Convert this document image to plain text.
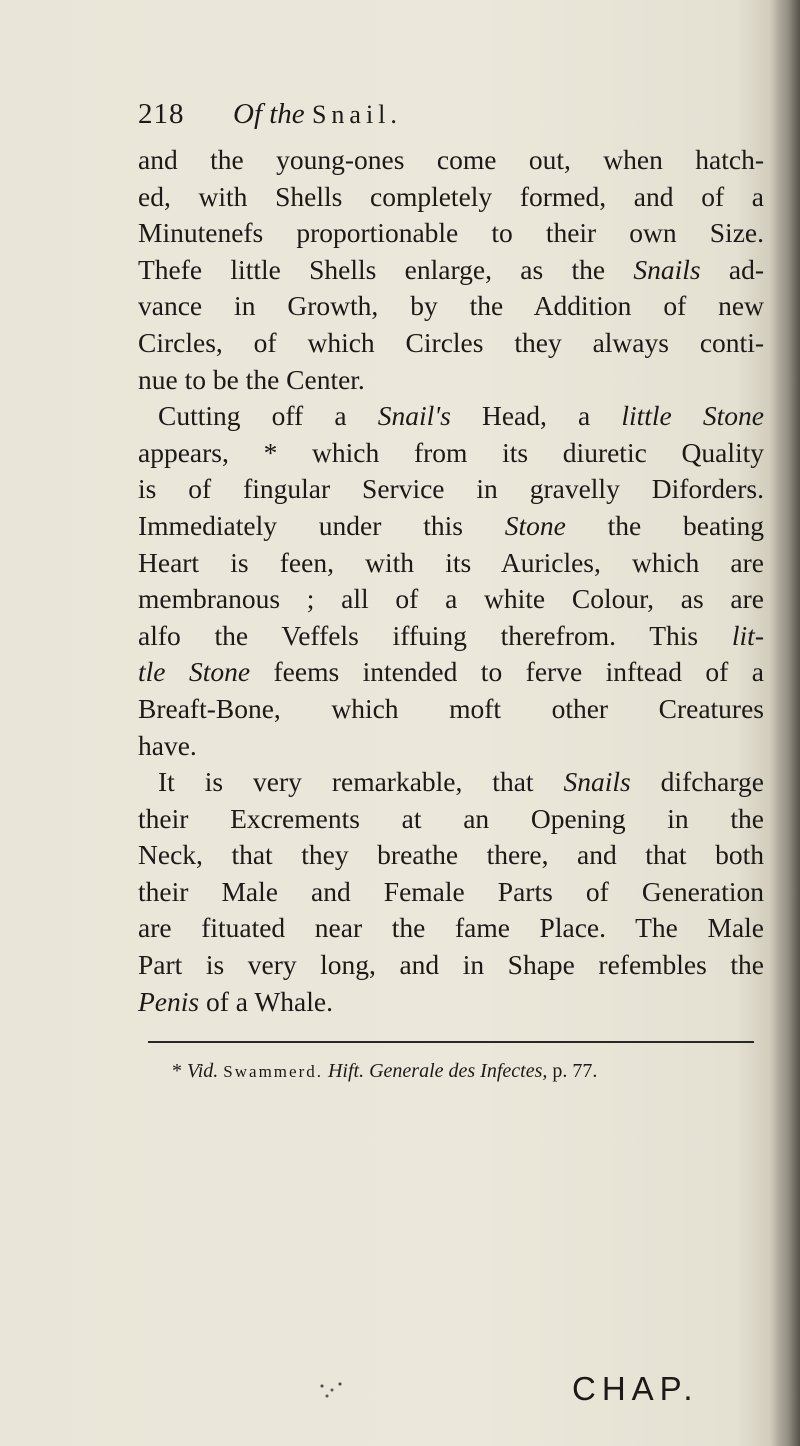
218 Of the Snail.
and the young-ones come out, when hatch-
ed, with Shells completely formed, and of a
Minutenefs proportionable to their own Size.
Thefe little Shells enlarge, as the Snails ad-
vance in Growth, by the Addition of new
Circles, of which Circles they always conti-
nue to be the Center.
Cutting off a Snail's Head, a little Stone
appears, * which from its diuretic Quality
is of fingular Service in gravelly Diforders.
Immediately under this Stone the beating
Heart is feen, with its Auricles, which are
membranous ; all of a white Colour, as are
alfo the Veffels iffuing therefrom. This lit-
tle Stone feems intended to ferve inftead of a
Breaft-Bone, which moft other Creatures
have.
It is very remarkable, that Snails difcharge
their Excrements at an Opening in the
Neck, that they breathe there, and that both
their Male and Female Parts of Generation
are fituated near the fame Place. The Male
Part is very long, and in Shape refembles the
Penis of a Whale.
* Vid. Swammerd. Hift. Generale des Infectes, p. 77.
CHAP.
